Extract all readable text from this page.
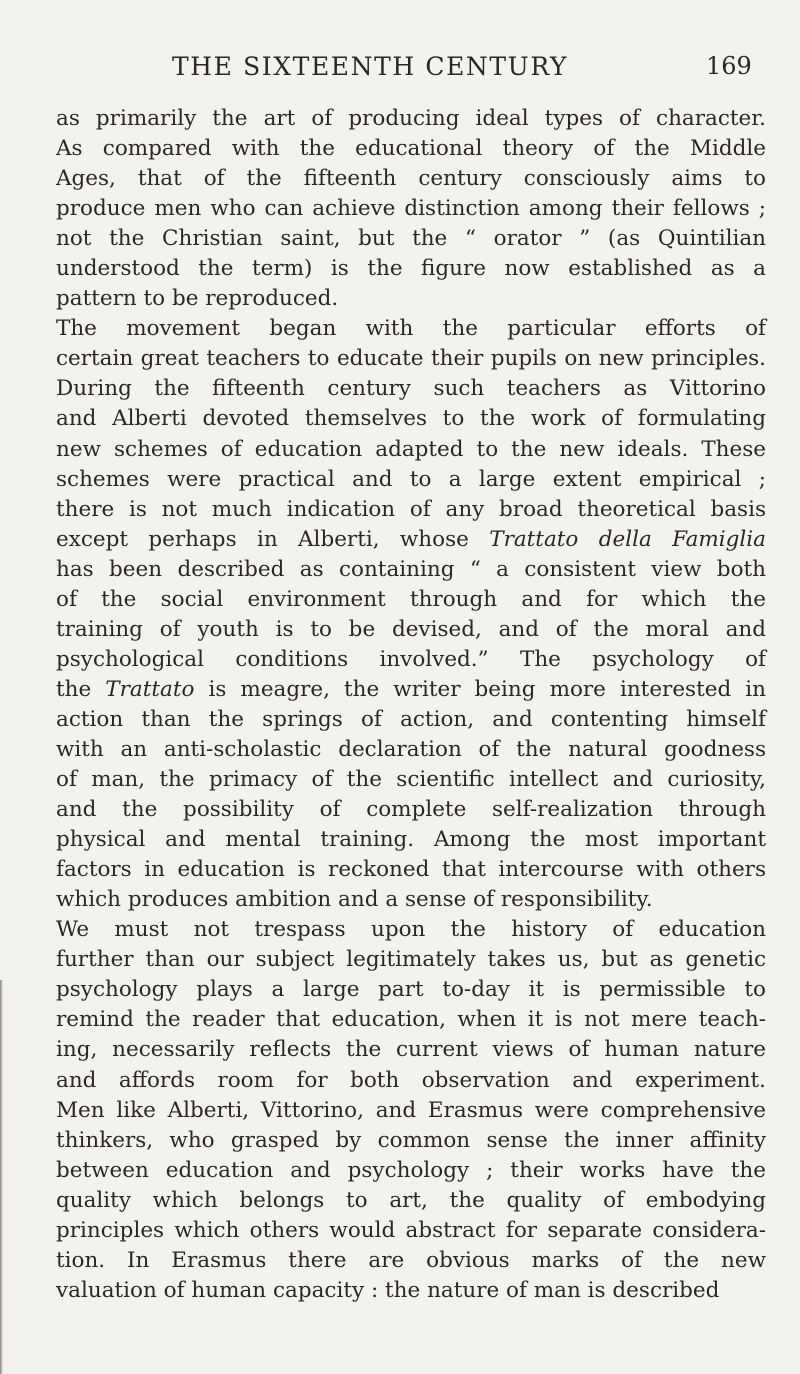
THE SIXTEENTH CENTURY	169
as primarily the art of producing ideal types of character.
As compared with the educational theory of the Middle
Ages, that of the fifteenth century consciously aims to
produce men who can achieve distinction among their fellows ;
not the Christian saint, but the “ orator ” (as Quintilian
understood the term) is the figure now established as a
pattern to be reproduced.
The movement began with the particular efforts of
certain great teachers to educate their pupils on new principles.
During the fifteenth century such teachers as Vittorino
and Alberti devoted themselves to the work of formulating
new schemes of education adapted to the new ideals. These
schemes were practical and to a large extent empirical ;
there is not much indication of any broad theoretical basis
except perhaps in Alberti, whose Trattato della Famiglia
has been described as containing “ a consistent view both
of the social environment through and for which the
training of youth is to be devised, and of the moral and
psychological conditions involved.” The psychology of
the Trattato is meagre, the writer being more interested in
action than the springs of action, and contenting himself
with an anti-scholastic declaration of the natural goodness
of man, the primacy of the scientific intellect and curiosity,
and the possibility of complete self-realization through
physical and mental training. Among the most important
factors in education is reckoned that intercourse with others
which produces ambition and a sense of responsibility.
We must not trespass upon the history of education
further than our subject legitimately takes us, but as genetic
psychology plays a large part to-day it is permissible to
remind the reader that education, when it is not mere teach-
ing, necessarily reflects the current views of human nature
and affords room for both observation and experiment.
Men like Alberti, Vittorino, and Erasmus were comprehensive
thinkers, who grasped by common sense the inner affinity
between education and psychology ; their works have the
quality which belongs to art, the quality of embodying
principles which others would abstract for separate considera-
tion. In Erasmus there are obvious marks of the new
valuation of human capacity : the nature of man is described
